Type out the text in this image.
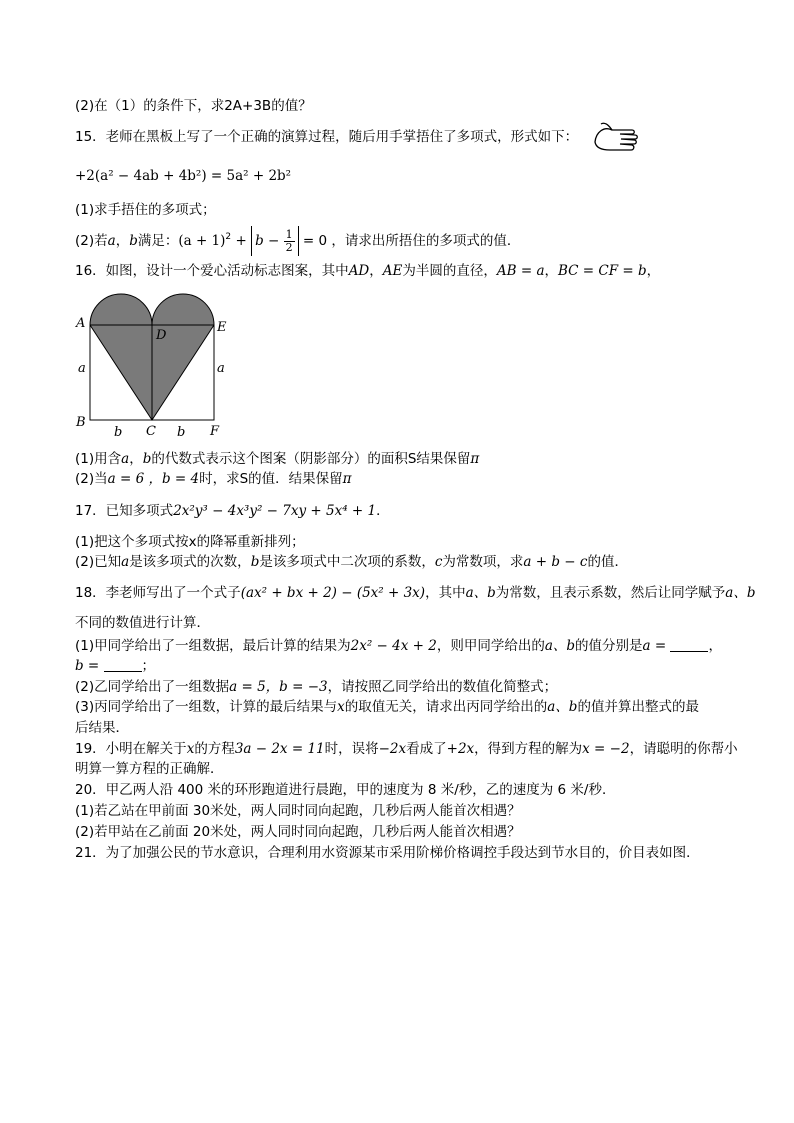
(2)在（1）的条件下，求2A+3B的值？
15．老师在黑板上写了一个正确的演算过程，随后用手掌捂住了多项式，形式如下：
+2(a² − 4ab + 4b²) = 5a² + 2b²
(1)求手捂住的多项式；
(2)若a，b满足：$(a + 1)^2 + b - \frac{1}{2} = 0$ ，请求出所捂住的多项式的值．
16．如图，设计一个爱心活动标志图案，其中AD，AE为半圆的直径，AB = a，BC = CF = b，
A
D
E
B
C	F
a	a
b	b
(1)用含a，b的代数式表示这个图案（阴影部分）的面积S结果保留π
(2)当a = 6 ，b = 4时，求S的值．结果保留π
17．已知多项式2x²y³ − 4x³y² − 7xy + 5x⁴ + 1．
(1)把这个多项式按x的降幂重新排列；
(2)已知a是该多项式的次数，b是该多项式中二次项的系数，c为常数项，求a + b − c的值．
18．李老师写出了一个式子(ax² + bx + 2) − (5x² + 3x)，其中a、b为常数，且表示系数，然后让同学赋予a、b
不同的数值进行计算．
(1)甲同学给出了一组数据，最后计算的结果为2x² − 4x + 2，则甲同学给出的a、b的值分别是a =	，
b =	；
(2)乙同学给出了一组数据a = 5，b = −3，请按照乙同学给出的数值化简整式；
(3)丙同学给出了一组数，计算的最后结果与x的取值无关，请求出丙同学给出的a、b的值并算出整式的最
后结果．
19．小明在解关于x的方程3a − 2x = 11时，误将−2x看成了+2x，得到方程的解为x = −2，请聪明的你帮小
明算一算方程的正确解．
20．甲乙两人沿 400 米的环形跑道进行晨跑，甲的速度为 8 米/秒，乙的速度为 6 米/秒．
(1)若乙站在甲前面 30米处，两人同时同向起跑，几秒后两人能首次相遇？
(2)若甲站在乙前面 20米处，两人同时同向起跑，几秒后两人能首次相遇？
21．为了加强公民的节水意识，合理利用水资源某市采用阶梯价格调控手段达到节水目的，价目表如图．
